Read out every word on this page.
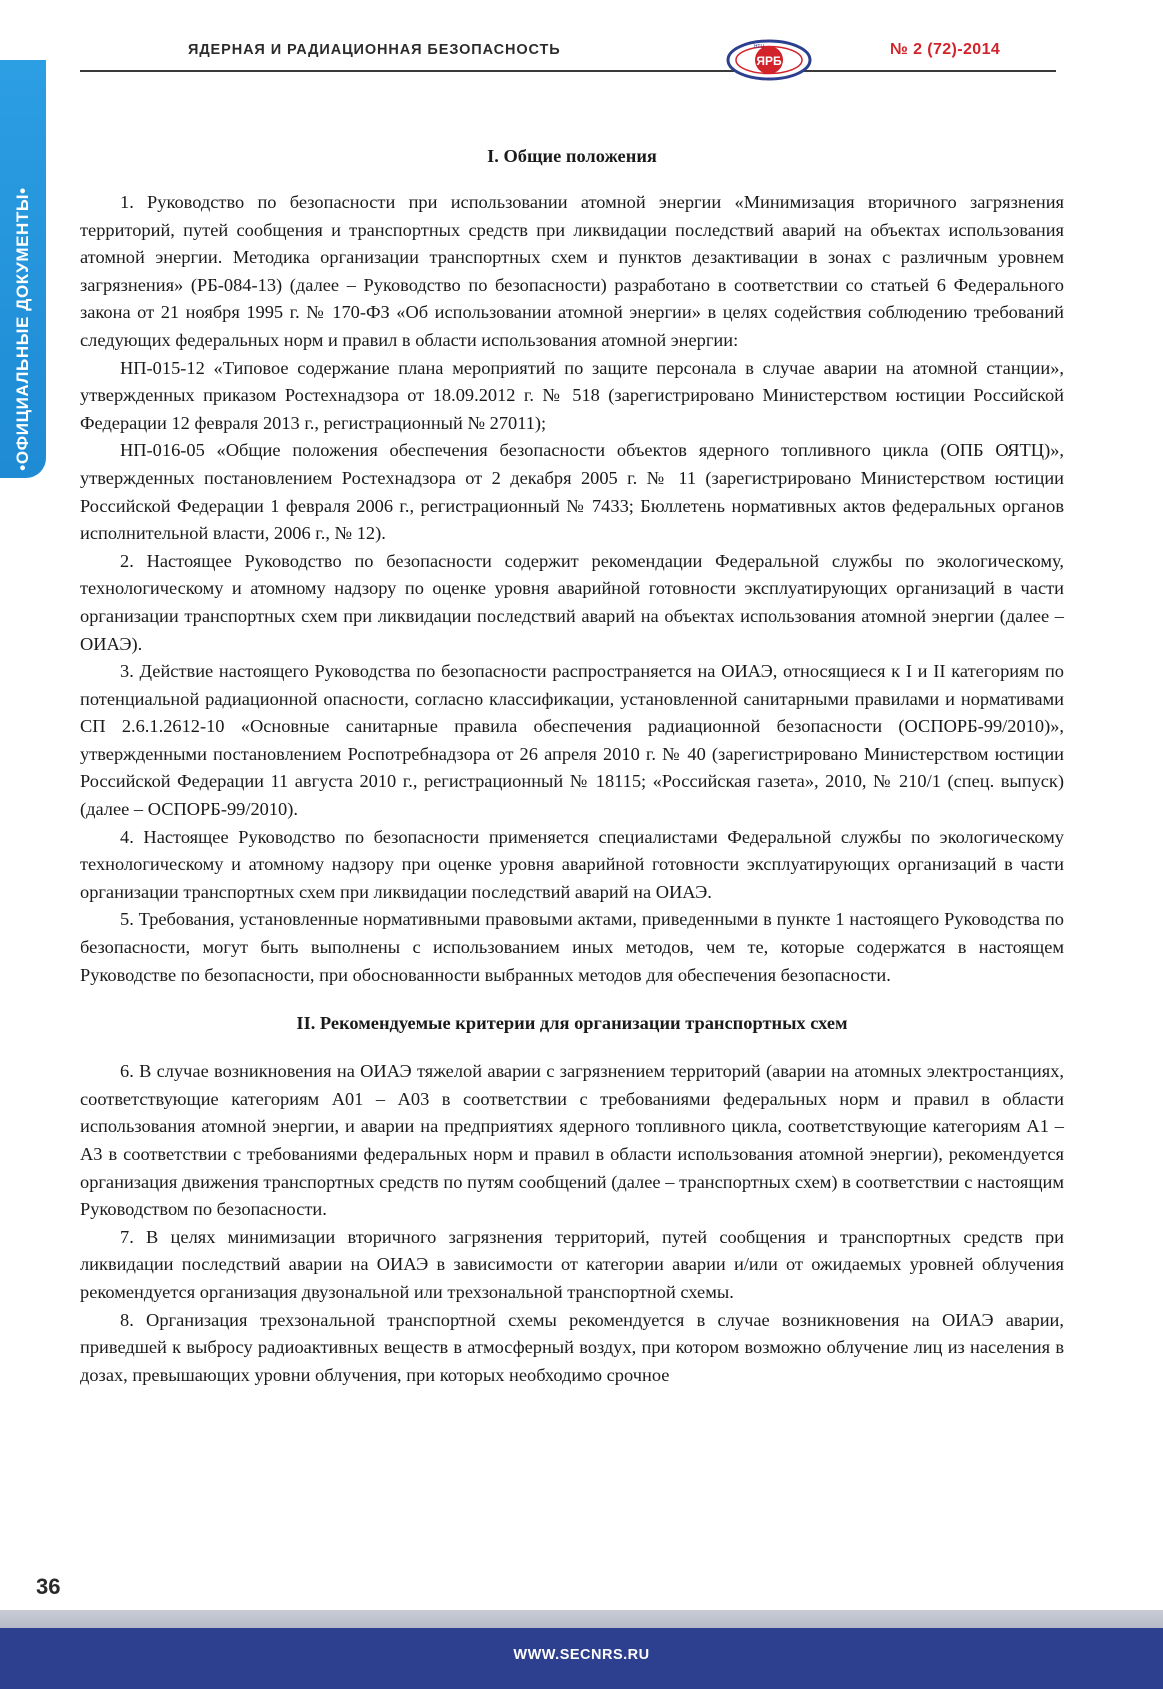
ЯДЕРНАЯ И РАДИАЦИОННАЯ БЕЗОПАСНОСТЬ
ЯРБ
НТЦ	№ 2 (72)-2014
•ОФИЦИАЛЬНЫЕ ДОКУМЕНТЫ•
I. Общие положения

1. Руководство по безопасности при использовании атомной энергии «Минимизация вторичного загрязнения территорий, путей сообщения и транспортных средств при ликвидации последствий аварий на объектах использования атомной энергии. Методика организации транспортных схем и пунктов дезактивации в зонах с различным уровнем загрязнения» (РБ-084-13) (далее – Руководство по безопасности) разработано в соответствии со статьей 6 Федерального закона от 21 ноября 1995 г. № 170-ФЗ «Об использовании атомной энергии» в целях содействия соблюдению требований следующих федеральных норм и правил в области использования атомной энергии:

НП-015-12 «Типовое содержание плана мероприятий по защите персонала в случае аварии на атомной станции», утвержденных приказом Ростехнадзора от 18.09.2012 г. № 518 (зарегистрировано Министерством юстиции Российской Федерации 12 февраля 2013 г., регистрационный № 27011);

НП-016-05 «Общие положения обеспечения безопасности объектов ядерного топливного цикла (ОПБ ОЯТЦ)», утвержденных постановлением Ростехнадзора от 2 декабря 2005 г. № 11 (зарегистрировано Министерством юстиции Российской Федерации 1 февраля 2006 г., регистрационный № 7433; Бюллетень нормативных актов федеральных органов исполнительной власти, 2006 г., № 12).

2. Настоящее Руководство по безопасности содержит рекомендации Федеральной службы по экологическому, технологическому и атомному надзору по оценке уровня аварийной готовности эксплуатирующих организаций в части организации транспортных схем при ликвидации последствий аварий на объектах использования атомной энергии (далее – ОИАЭ).

3. Действие настоящего Руководства по безопасности распространяется на ОИАЭ, относящиеся к I и II категориям по потенциальной радиационной опасности, согласно классификации, установленной санитарными правилами и нормативами СП 2.6.1.2612-10 «Основные санитарные правила обеспечения радиационной безопасности (ОСПОРБ-99/2010)», утвержденными постановлением Роспотребнадзора от 26 апреля 2010 г. № 40 (зарегистрировано Министерством юстиции Российской Федерации 11 августа 2010 г., регистрационный № 18115; «Российская газета», 2010, № 210/1 (спец. выпуск) (далее – ОСПОРБ-99/2010).

4. Настоящее Руководство по безопасности применяется специалистами Федеральной службы по экологическому технологическому и атомному надзору при оценке уровня аварийной готовности эксплуатирующих организаций в части организации транспортных схем при ликвидации последствий аварий на ОИАЭ.

5. Требования, установленные нормативными правовыми актами, приведенными в пункте 1 настоящего Руководства по безопасности, могут быть выполнены с использованием иных методов, чем те, которые содержатся в настоящем Руководстве по безопасности, при обоснованности выбранных методов для обеспечения безопасности.

II. Рекомендуемые критерии для организации транспортных схем

6. В случае возникновения на ОИАЭ тяжелой аварии с загрязнением территорий (аварии на атомных электростанциях, соответствующие категориям А01 – А03 в соответствии с требованиями федеральных норм и правил в области использования атомной энергии, и аварии на предприятиях ядерного топливного цикла, соответствующие категориям А1 – А3 в соответствии с требованиями федеральных норм и правил в области использования атомной энергии), рекомендуется организация движения транспортных средств по путям сообщений (далее – транспортных схем) в соответствии с настоящим Руководством по безопасности.

7. В целях минимизации вторичного загрязнения территорий, путей сообщения и транспортных средств при ликвидации последствий аварии на ОИАЭ в зависимости от категории аварии и/или от ожидаемых уровней облучения рекомендуется организация двузональной или трехзональной транспортной схемы.

8. Организация трехзональной транспортной схемы рекомендуется в случае возникновения на ОИАЭ аварии, приведшей к выбросу радиоактивных веществ в атмосферный воздух, при котором возможно облучение лиц из населения в дозах, превышающих уровни облучения, при которых необходимо срочное

36
WWW.SECNRS.RU
